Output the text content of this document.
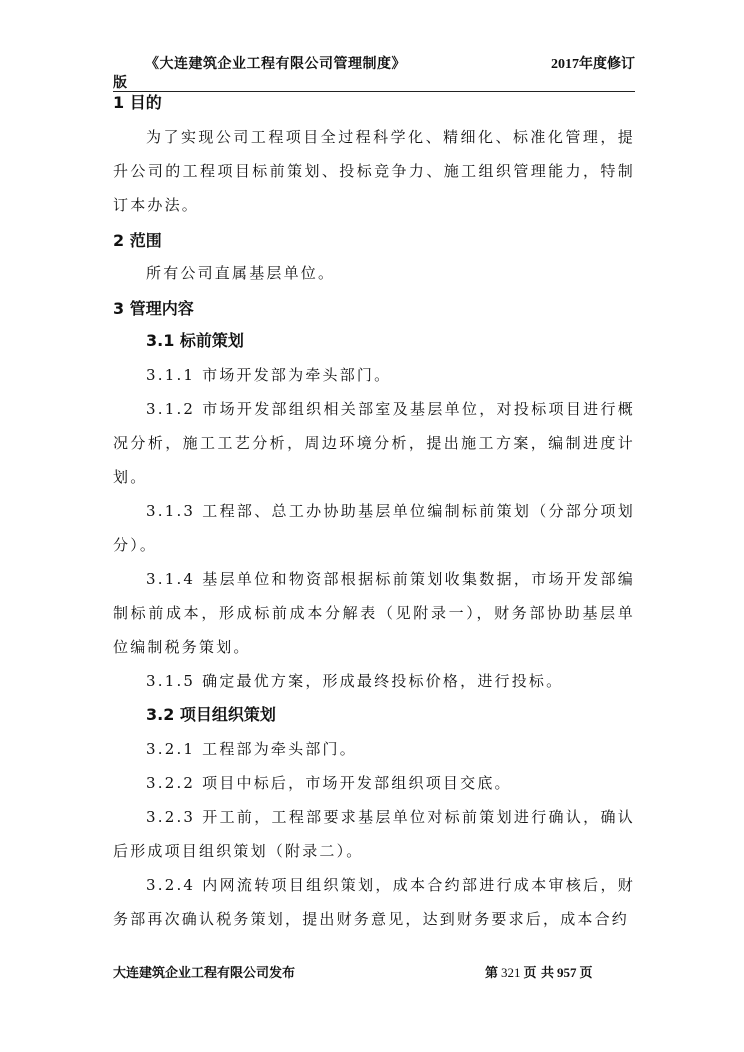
《大连建筑企业工程有限公司管理制度》	2017年度修订
版
1 目的

为了实现公司工程项目全过程科学化、精细化、标准化管理，提升公司的工程项目标前策划、投标竞争力、施工组织管理能力，特制订本办法。

2 范围

所有公司直属基层单位。

3 管理内容
3.1 标前策划

3.1.1 市场开发部为牵头部门。

3.1.2 市场开发部组织相关部室及基层单位，对投标项目进行概况分析，施工工艺分析，周边环境分析，提出施工方案，编制进度计划。

3.1.3 工程部、总工办协助基层单位编制标前策划（分部分项划分）。

3.1.4 基层单位和物资部根据标前策划收集数据，市场开发部编制标前成本，形成标前成本分解表（见附录一），财务部协助基层单位编制税务策划。

3.1.5 确定最优方案，形成最终投标价格，进行投标。

3.2 项目组织策划

3.2.1 工程部为牵头部门。

3.2.2 项目中标后，市场开发部组织项目交底。

3.2.3 开工前，工程部要求基层单位对标前策划进行确认，确认后形成项目组织策划（附录二）。

3.2.4 内网流转项目组织策划，成本合约部进行成本审核后，财务部再次确认税务策划，提出财务意见，达到财务要求后，成本合约

大连建筑企业工程有限公司发布	第 321 页 共 957 页
